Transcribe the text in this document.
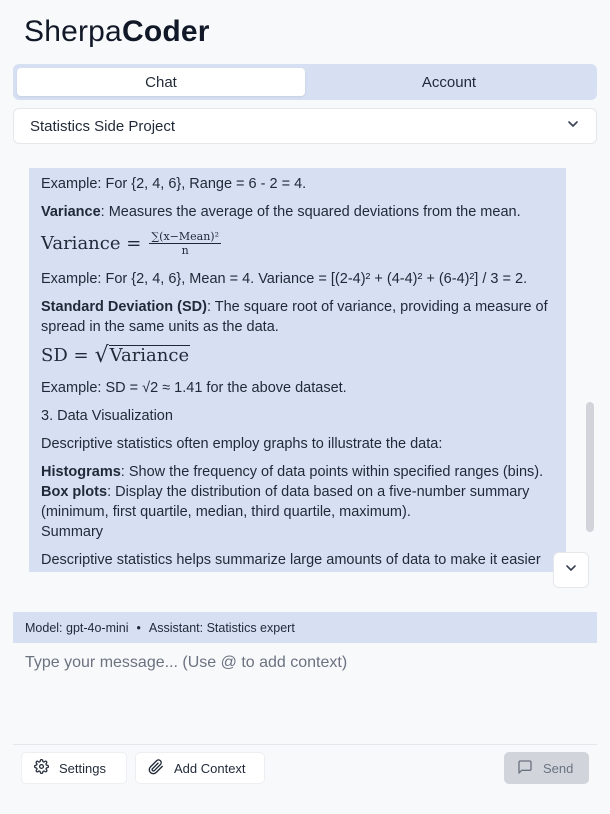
SherpaCoder
Chat	Account
Statistics Side Project
Example: For {2, 4, 6}, Range = 6 - 2 = 4.
Variance: Measures the average of the squared deviations from the mean.
Variance = $\frac{\text{∑(x−Mean)²}}{n}$
Example: For {2, 4, 6}, Mean = 4. Variance = [(2-4)² + (4-4)² + (6-4)²] / 3 = 2.
Standard Deviation (SD): The square root of variance, providing a measure of spread in the same units as the data.
SD = √ Variance
Example: SD = √2 ≈ 1.41 for the above dataset.
3. Data Visualization
Descriptive statistics often employ graphs to illustrate the data:
Histograms: Show the frequency of data points within specified ranges (bins).
Box plots: Display the distribution of data based on a five-number summary (minimum, first quartile, median, third quartile, maximum).
Summary
Descriptive statistics helps summarize large amounts of data to make it easier
Model: gpt-4o-mini • Assistant: Statistics expert
Type your message... (Use @ to add context)
Settings	Add Context	Send
